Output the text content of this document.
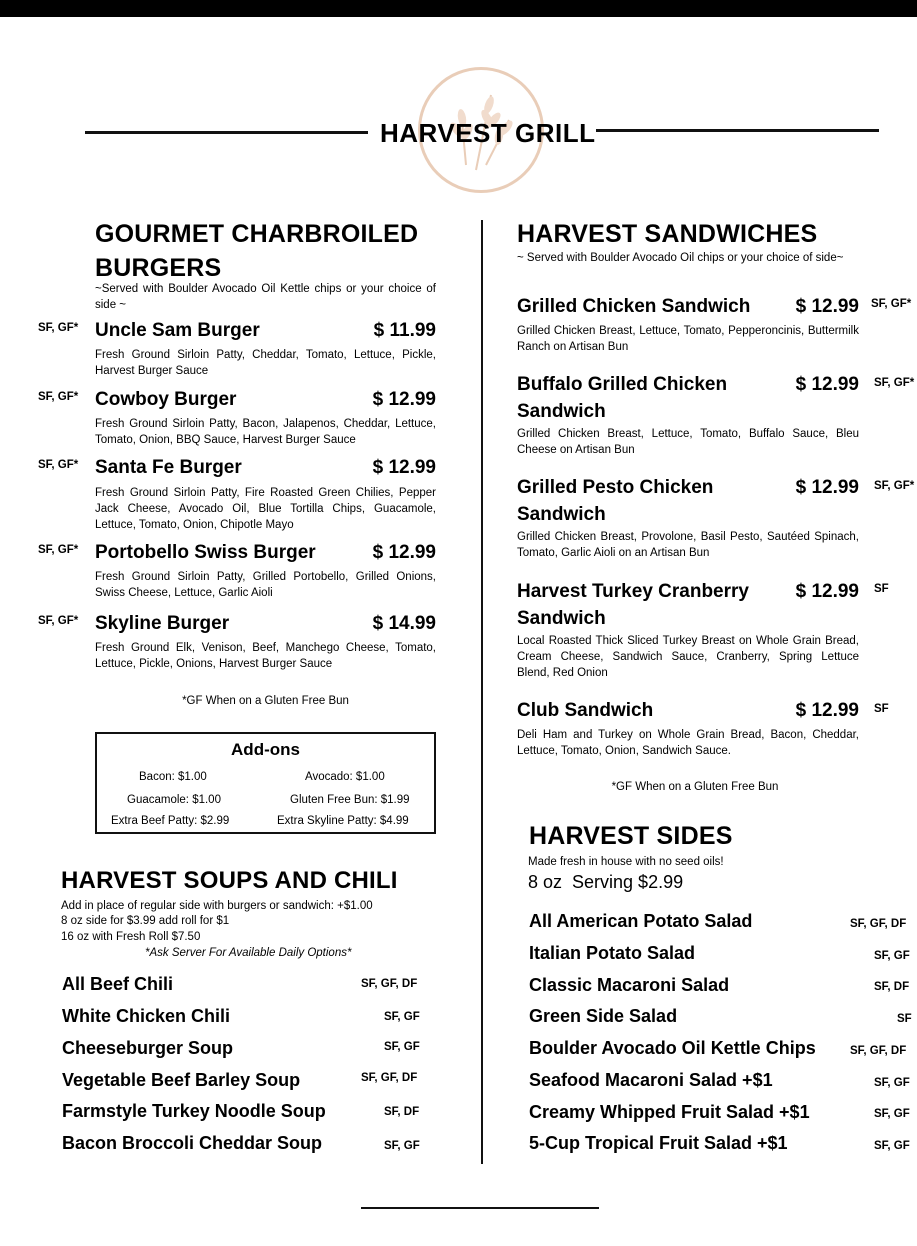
HARVEST GRILL
GOURMET CHARBROILED BURGERS
~Served with Boulder Avocado Oil Kettle chips or your choice of side ~
SF, GF* Uncle Sam Burger	$ 11.99
Fresh Ground Sirloin Patty, Cheddar, Tomato, Lettuce, Pickle, Harvest Burger Sauce
SF, GF* Cowboy Burger	$ 12.99
Fresh Ground Sirloin Patty, Bacon, Jalapenos, Cheddar, Lettuce, Tomato, Onion, BBQ Sauce, Harvest Burger Sauce
SF, GF* Santa Fe Burger	$ 12.99
Fresh Ground Sirloin Patty, Fire Roasted Green Chilies, Pepper Jack Cheese, Avocado Oil, Blue Tortilla Chips, Guacamole, Lettuce, Tomato, Onion, Chipotle Mayo
SF, GF* Portobello Swiss Burger	$ 12.99
Fresh Ground Sirloin Patty, Grilled Portobello, Grilled Onions, Swiss Cheese, Lettuce, Garlic Aioli
SF, GF* Skyline Burger	$ 14.99
Fresh Ground Elk, Venison, Beef, Manchego Cheese, Tomato, Lettuce, Pickle, Onions, Harvest Burger Sauce
*GF When on a Gluten Free Bun
Add-ons
Bacon: $1.00	Avocado: $1.00
Guacamole: $1.00	Gluten Free Bun: $1.99
Extra Beef Patty: $2.99	Extra Skyline Patty: $4.99
HARVEST SOUPS AND CHILI
Add in place of regular side with burgers or sandwich: +$1.00
8 oz side for $3.99 add roll for $1
16 oz with Fresh Roll $7.50
*Ask Server For Available Daily Options*
All Beef Chili	SF, GF, DF
White Chicken Chili	SF, GF
Cheeseburger Soup	SF, GF
Vegetable Beef Barley Soup	SF, GF, DF
Farmstyle Turkey Noodle Soup	SF, DF
Bacon Broccoli Cheddar Soup	SF, GF
HARVEST SANDWICHES
~ Served with Boulder Avocado Oil chips or your choice of side~
Grilled Chicken Sandwich	$ 12.99 SF, GF*
Grilled Chicken Breast, Lettuce, Tomato, Pepperoncinis, Buttermilk Ranch on Artisan Bun
Buffalo Grilled Chicken Sandwich
$ 12.99 SF, GF*
Grilled Chicken Breast, Lettuce, Tomato, Buffalo Sauce, Bleu Cheese on Artisan Bun
Grilled Pesto Chicken Sandwich
$ 12.99 SF, GF*
Grilled Chicken Breast, Provolone, Basil Pesto, Sautéed Spinach, Tomato, Garlic Aioli on an Artisan Bun
Harvest Turkey Cranberry Sandwich
$ 12.99 SF
Local Roasted Thick Sliced Turkey Breast on Whole Grain Bread, Cream Cheese, Sandwich Sauce, Cranberry, Spring Lettuce Blend, Red Onion
Club Sandwich	$ 12.99 SF
Deli Ham and Turkey on Whole Grain Bread, Bacon, Cheddar, Lettuce, Tomato, Onion, Sandwich Sauce.
*GF When on a Gluten Free Bun
HARVEST SIDES
Made fresh in house with no seed oils!
8 oz  Serving $2.99
All American Potato Salad	SF, GF, DF
Italian Potato Salad	SF, GF
Classic Macaroni Salad	SF, DF
Green Side Salad	SF
Boulder Avocado Oil Kettle Chips	SF, GF, DF
Seafood Macaroni Salad +$1	SF, GF
Creamy Whipped Fruit Salad +$1	SF, GF
5-Cup Tropical Fruit Salad +$1	SF, GF
